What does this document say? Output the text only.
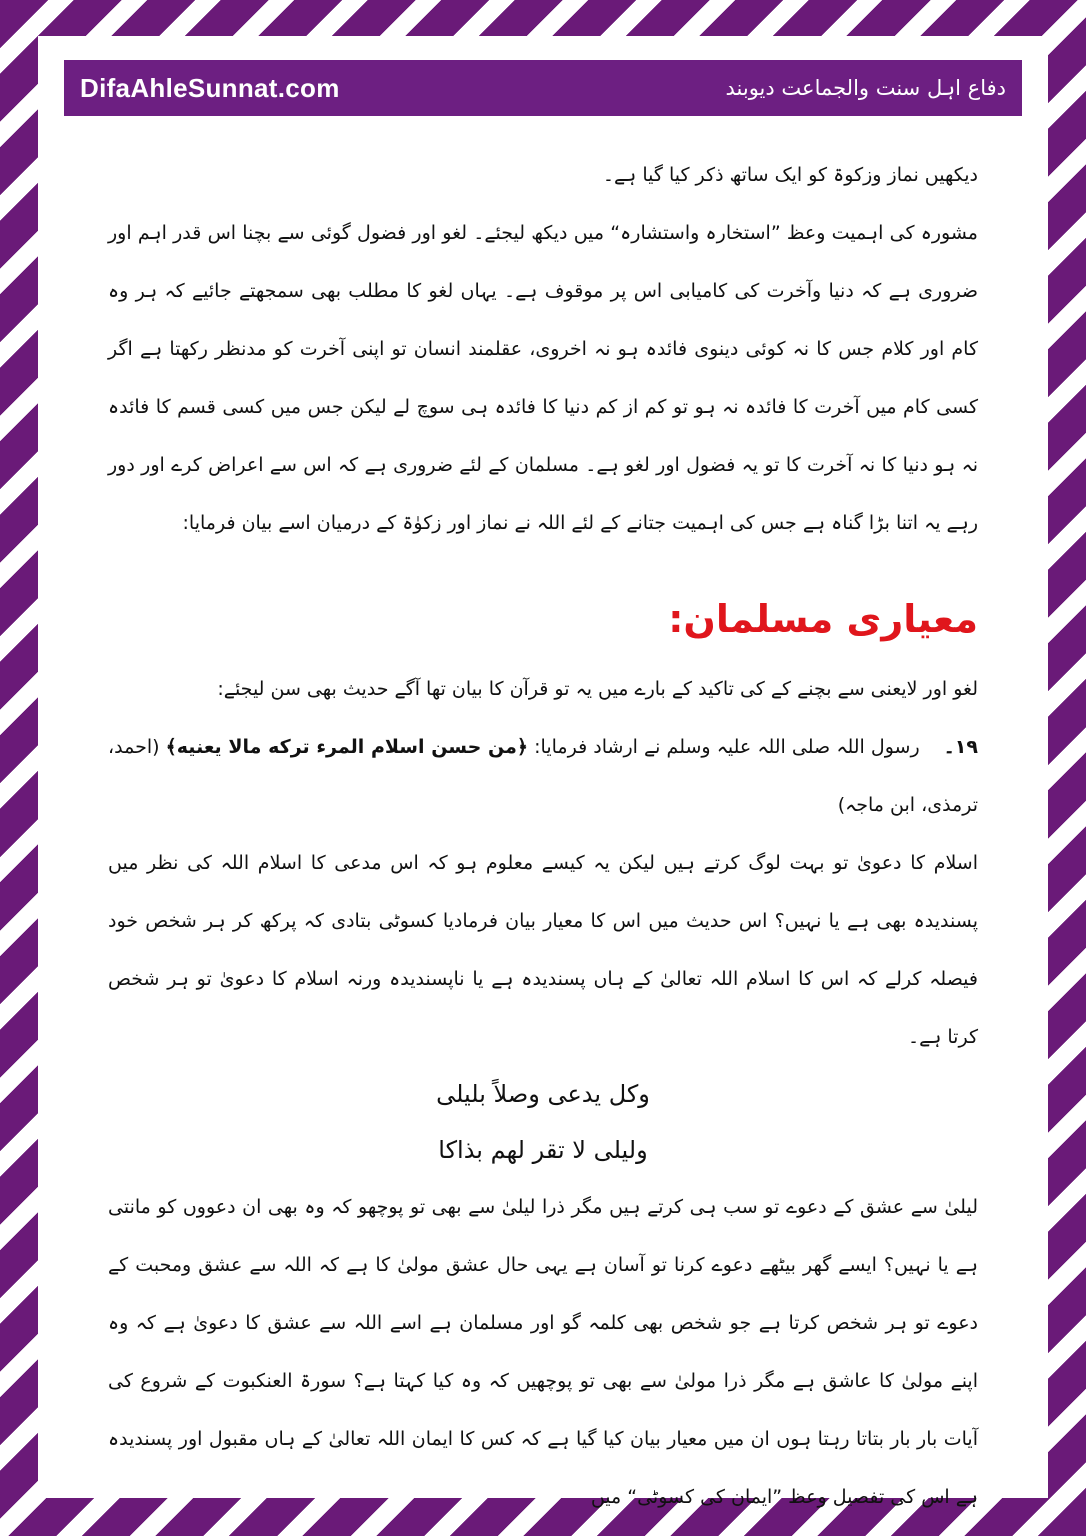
DifaAhleSunnat.com	دفاع اہل سنت والجماعت دیوبند

دیکھیں نماز وزکوۃ کو ایک ساتھ ذکر کیا گیا ہے۔

مشورہ کی اہمیت وعظ ”استخارہ واستشارہ“ میں دیکھ لیجئے۔ لغو اور فضول گوئی سے بچنا اس قدر اہم اور ضروری ہے کہ دنیا وآخرت کی کامیابی اس پر موقوف ہے۔ یہاں لغو کا مطلب بھی سمجھتے جائیے کہ ہر وہ کام اور کلام جس کا نہ کوئی دینوی فائدہ ہو نہ اخروی، عقلمند انسان تو اپنی آخرت کو مدنظر رکھتا ہے اگر کسی کام میں آخرت کا فائدہ نہ ہو تو کم از کم دنیا کا فائدہ ہی سوچ لے لیکن جس میں کسی قسم کا فائدہ نہ ہو دنیا کا نہ آخرت کا تو یہ فضول اور لغو ہے۔ مسلمان کے لئے ضروری ہے کہ اس سے اعراض کرے اور دور رہے یہ اتنا بڑا گناہ ہے جس کی اہمیت جتانے کے لئے اللہ نے نماز اور زکوٰۃ کے درمیان اسے بیان فرمایا:

معیاری مسلمان:

لغو اور لایعنی سے بچنے کے کی تاکید کے بارے میں یہ تو قرآن کا بیان تھا آگے حدیث بھی سن لیجئے:

۱۹۔رسول اللہ صلی اللہ علیہ وسلم نے ارشاد فرمایا: ﴿من حسن اسلام المرء ترکه مالا یعنیه﴾ (احمد، ترمذی، ابن ماجہ)

اسلام کا دعویٰ تو بہت لوگ کرتے ہیں لیکن یہ کیسے معلوم ہو کہ اس مدعی کا اسلام اللہ کی نظر میں پسندیدہ بھی ہے یا نہیں؟ اس حدیث میں اس کا معیار بیان فرمادیا کسوٹی بتادی کہ پرکھ کر ہر شخص خود فیصلہ کرلے کہ اس کا اسلام اللہ تعالیٰ کے ہاں پسندیدہ ہے یا ناپسندیدہ ورنہ اسلام کا دعویٰ تو ہر شخص کرتا ہے۔

وکل یدعی وصلاً بلیلی

ولیلی لا تقر لھم بذاکا

لیلیٰ سے عشق کے دعوے تو سب ہی کرتے ہیں مگر ذرا لیلیٰ سے بھی تو پوچھو کہ وہ بھی ان دعووں کو مانتی ہے یا نہیں؟ ایسے گھر بیٹھے دعوے کرنا تو آسان ہے یہی حال عشق مولیٰ کا ہے کہ اللہ سے عشق ومحبت کے دعوے تو ہر شخص کرتا ہے جو شخص بھی کلمہ گو اور مسلمان ہے اسے اللہ سے عشق کا دعویٰ ہے کہ وہ اپنے مولیٰ کا عاشق ہے مگر ذرا مولیٰ سے بھی تو پوچھیں کہ وہ کیا کہتا ہے؟ سورۃ العنکبوت کے شروع کی آیات بار بار بتاتا رہتا ہوں ان میں معیار بیان کیا گیا ہے کہ کس کا ایمان اللہ تعالیٰ کے ہاں مقبول اور پسندیدہ ہے اس کی تفصیل وعظ ”ایمان کی کسوٹی“ میں
